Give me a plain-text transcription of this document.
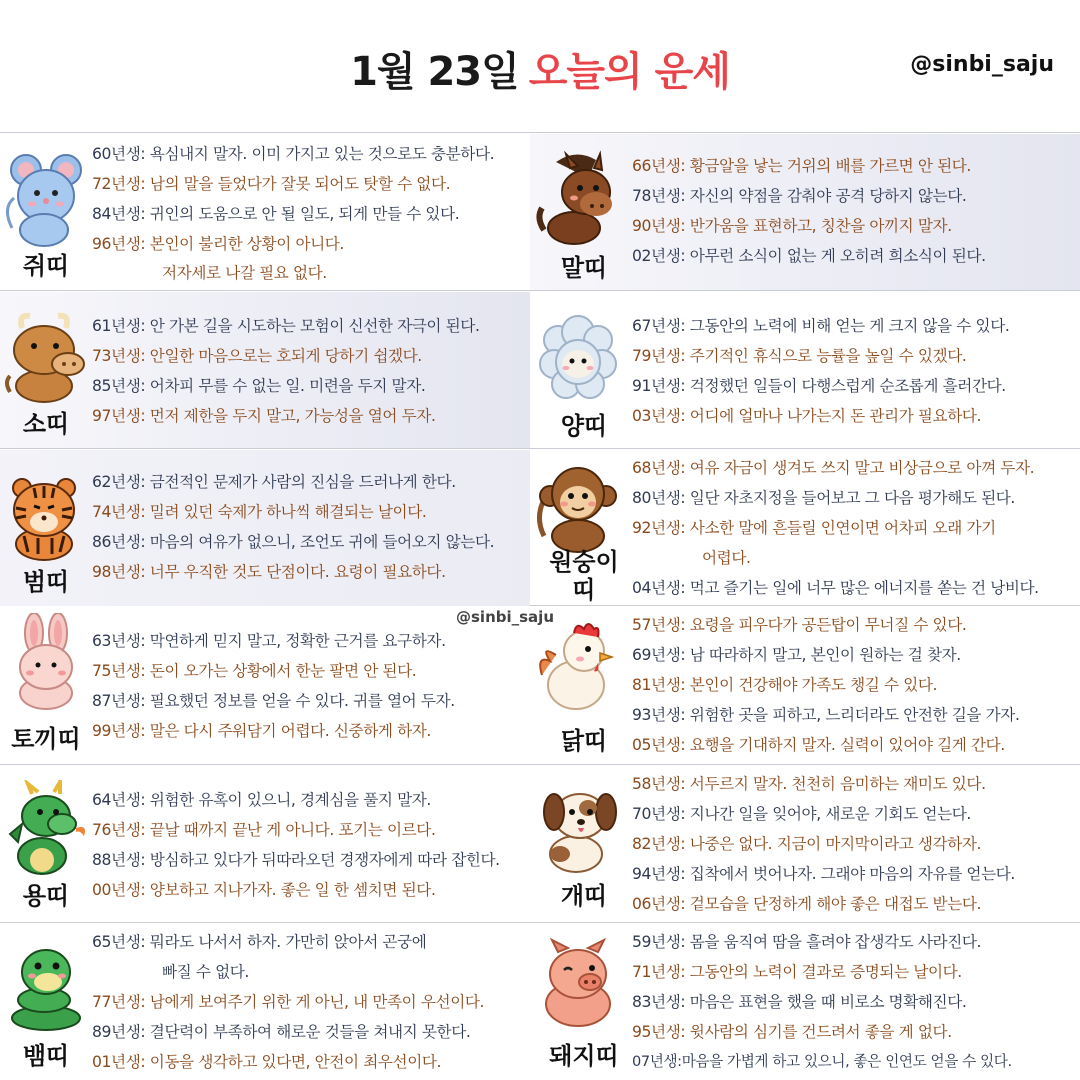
1월 23일 오늘의 운세	@sinbi_saju
쥐띠
60년생: 욕심내지 말자. 이미 가지고 있는 것으로도 충분하다.
72년생: 남의 말을 들었다가 잘못 되어도 탓할 수 없다.
84년생: 귀인의 도움으로 안 될 일도, 되게 만들 수 있다.
96년생: 본인이 불리한 상황이 아니다.
저자세로 나갈 필요 없다.	말띠
66년생: 황금알을 낳는 거위의 배를 가르면 안 된다.
78년생: 자신의 약점을 감춰야 공격 당하지 않는다.
90년생: 반가움을 표현하고, 칭찬을 아끼지 말자.
02년생: 아무런 소식이 없는 게 오히려 희소식이 된다.
소띠
61년생: 안 가본 길을 시도하는 모험이 신선한 자극이 된다.
73년생: 안일한 마음으로는 호되게 당하기 쉽겠다.
85년생: 어차피 무를 수 없는 일. 미련을 두지 말자.
97년생: 먼저 제한을 두지 말고, 가능성을 열어 두자.	양띠
67년생: 그동안의 노력에 비해 얻는 게 크지 않을 수 있다.
79년생: 주기적인 휴식으로 능률을 높일 수 있겠다.
91년생: 걱정했던 일들이 다행스럽게 순조롭게 흘러간다.
03년생: 어디에 얼마나 나가는지 돈 관리가 필요하다.
범띠
62년생: 금전적인 문제가 사람의 진심을 드러나게 한다.
74년생: 밀려 있던 숙제가 하나씩 해결되는 날이다.
86년생: 마음의 여유가 없으니, 조언도 귀에 들어오지 않는다.
98년생: 너무 우직한 것도 단점이다. 요령이 필요하다.	원숭이
띠
68년생: 여유 자금이 생겨도 쓰지 말고 비상금으로 아껴 두자.
80년생: 일단 자초지정을 들어보고 그 다음 평가해도 된다.
92년생: 사소한 말에 흔들릴 인연이면 어차피 오래 가기
어렵다.
04년생: 먹고 즐기는 일에 너무 많은 에너지를 쏟는 건 낭비다.
@sinbi_saju
토끼띠
63년생: 막연하게 믿지 말고, 정확한 근거를 요구하자.
75년생: 돈이 오가는 상황에서 한눈 팔면 안 된다.
87년생: 필요했던 정보를 얻을 수 있다. 귀를 열어 두자.
99년생: 말은 다시 주워담기 어렵다. 신중하게 하자.	닭띠
57년생: 요령을 피우다가 공든탑이 무너질 수 있다.
69년생: 남 따라하지 말고, 본인이 원하는 걸 찾자.
81년생: 본인이 건강해야 가족도 챙길 수 있다.
93년생: 위험한 곳을 피하고, 느리더라도 안전한 길을 가자.
05년생: 요행을 기대하지 말자. 실력이 있어야 길게 간다.
용띠
64년생: 위험한 유혹이 있으니, 경계심을 풀지 말자.
76년생: 끝날 때까지 끝난 게 아니다. 포기는 이르다.
88년생: 방심하고 있다가 뒤따라오던 경쟁자에게 따라 잡힌다.
00년생: 양보하고 지나가자. 좋은 일 한 셈치면 된다.	개띠
58년생: 서두르지 말자. 천천히 음미하는 재미도 있다.
70년생: 지나간 일을 잊어야, 새로운 기회도 얻는다.
82년생: 나중은 없다. 지금이 마지막이라고 생각하자.
94년생: 집착에서 벗어나자. 그래야 마음의 자유를 얻는다.
06년생: 겉모습을 단정하게 해야 좋은 대접도 받는다.
뱀띠
65년생: 뭐라도 나서서 하자. 가만히 앉아서 곤궁에
빠질 수 없다.
77년생: 남에게 보여주기 위한 게 아닌, 내 만족이 우선이다.
89년생: 결단력이 부족하여 해로운 것들을 쳐내지 못한다.
01년생: 이동을 생각하고 있다면, 안전이 최우선이다.	돼지띠
59년생: 몸을 움직여 땀을 흘려야 잡생각도 사라진다.
71년생: 그동안의 노력이 결과로 증명되는 날이다.
83년생: 마음은 표현을 했을 때 비로소 명확해진다.
95년생: 윗사람의 심기를 건드려서 좋을 게 없다.
07년생:마음을 가볍게 하고 있으니, 좋은 인연도 얻을 수 있다.
